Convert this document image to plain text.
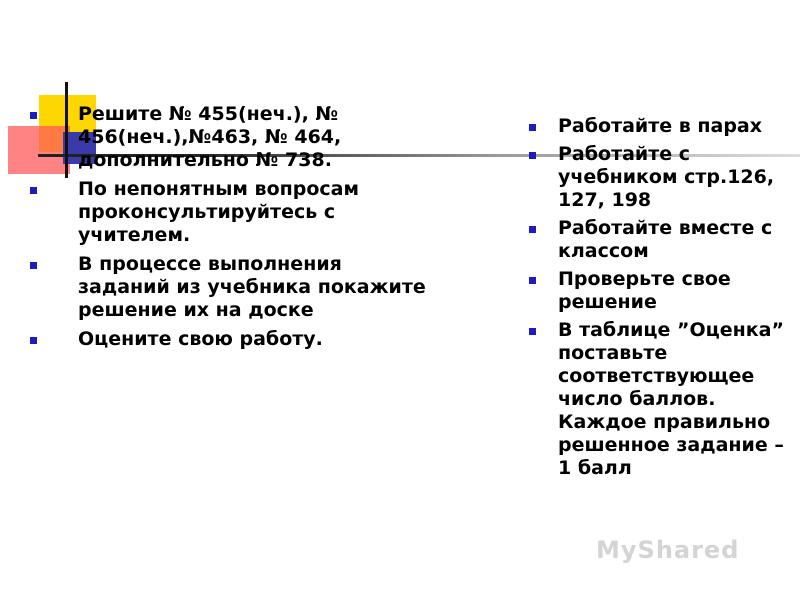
Решите № 455(неч.), № 456(неч.),№463, № 464, дополнительно № 738.
По непонятным вопросам проконсультируйтесь с учителем.
В процессе выполнения заданий из учебника покажите решение их на доске
Оцените свою работу.
Работайте в парах
Работайте с учебником стр.126, 127, 198
Работайте вместе с классом
Проверьте свое решение
В таблице ”Оценка” поставьте соответствующее число баллов. Каждое правильно решенное задание – 1 балл
MyShared
